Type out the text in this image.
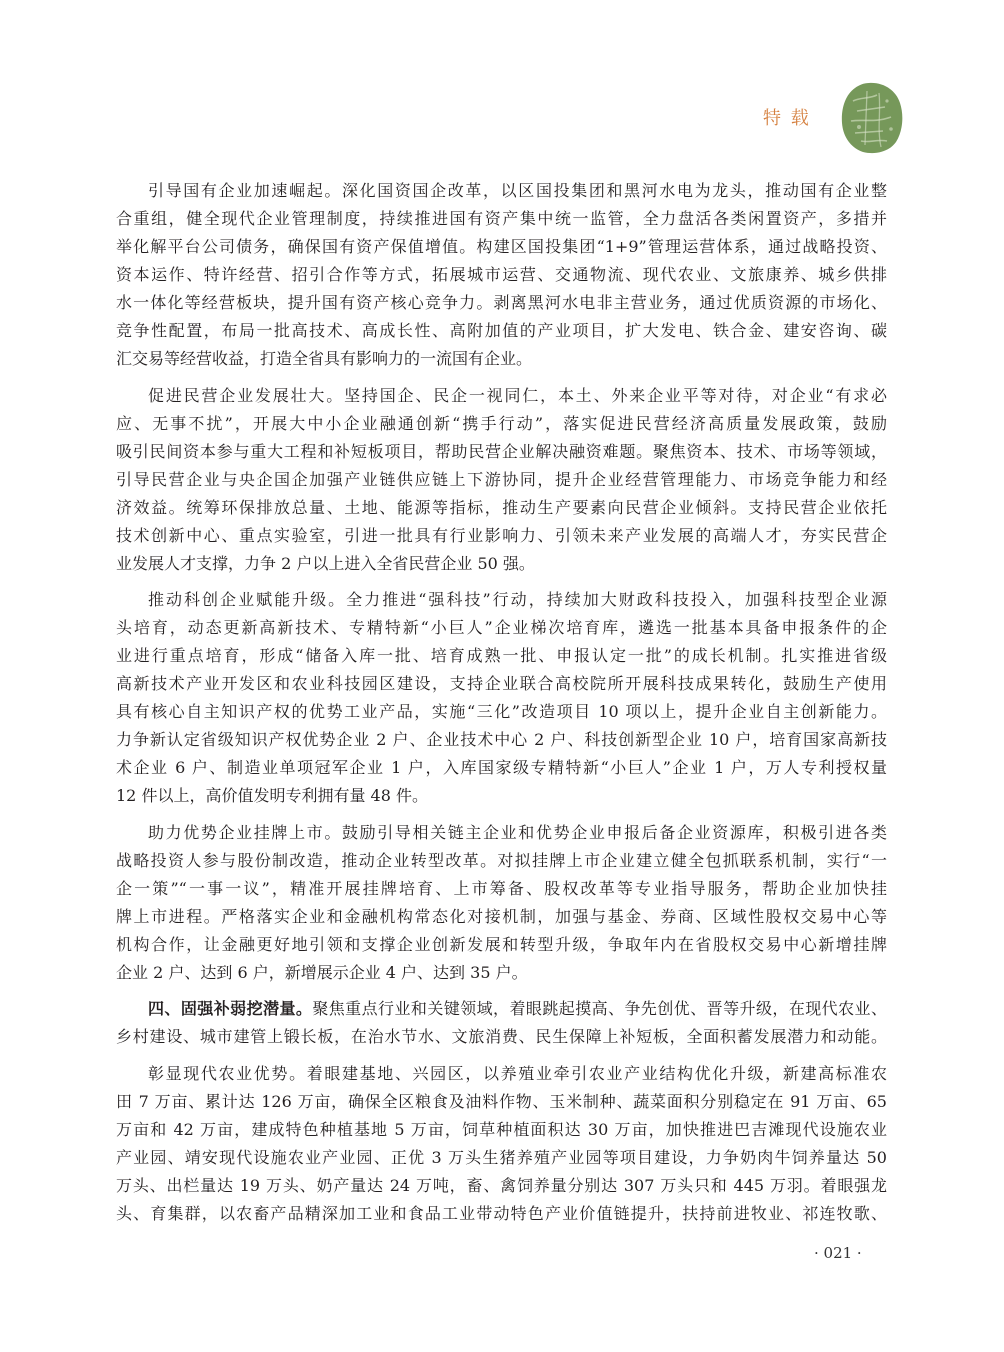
特 载
引导国有企业加速崛起。深化国资国企改革，以区国投集团和黑河水电为龙头，推动国有企业整
合重组，健全现代企业管理制度，持续推进国有资产集中统一监管，全力盘活各类闲置资产，多措并
举化解平台公司债务，确保国有资产保值增值。构建区国投集团“1+9”管理运营体系，通过战略投资、
资本运作、特许经营、招引合作等方式，拓展城市运营、交通物流、现代农业、文旅康养、城乡供排
水一体化等经营板块，提升国有资产核心竞争力。剥离黑河水电非主营业务，通过优质资源的市场化、
竞争性配置，布局一批高技术、高成长性、高附加值的产业项目，扩大发电、铁合金、建安咨询、碳
汇交易等经营收益，打造全省具有影响力的一流国有企业。
促进民营企业发展壮大。坚持国企、民企一视同仁，本土、外来企业平等对待，对企业“有求必
应、无事不扰”，开展大中小企业融通创新“携手行动”，落实促进民营经济高质量发展政策，鼓励
吸引民间资本参与重大工程和补短板项目，帮助民营企业解决融资难题。聚焦资本、技术、市场等领域，
引导民营企业与央企国企加强产业链供应链上下游协同，提升企业经营管理能力、市场竞争能力和经
济效益。统筹环保排放总量、土地、能源等指标，推动生产要素向民营企业倾斜。支持民营企业依托
技术创新中心、重点实验室，引进一批具有行业影响力、引领未来产业发展的高端人才，夯实民营企
业发展人才支撑，力争 2 户以上进入全省民营企业 50 强。
推动科创企业赋能升级。全力推进“强科技”行动，持续加大财政科技投入，加强科技型企业源
头培育，动态更新高新技术、专精特新“小巨人”企业梯次培育库，遴选一批基本具备申报条件的企
业进行重点培育，形成“储备入库一批、培育成熟一批、申报认定一批”的成长机制。扎实推进省级
高新技术产业开发区和农业科技园区建设，支持企业联合高校院所开展科技成果转化，鼓励生产使用
具有核心自主知识产权的优势工业产品，实施“三化”改造项目 10 项以上，提升企业自主创新能力。
力争新认定省级知识产权优势企业 2 户、企业技术中心 2 户、科技创新型企业 10 户，培育国家高新技
术企业 6 户、制造业单项冠军企业 1 户，入库国家级专精特新“小巨人”企业 1 户，万人专利授权量
12 件以上，高价值发明专利拥有量 48 件。
助力优势企业挂牌上市。鼓励引导相关链主企业和优势企业申报后备企业资源库，积极引进各类
战略投资人参与股份制改造，推动企业转型改革。对拟挂牌上市企业建立健全包抓联系机制，实行“一
企一策”“一事一议”，精准开展挂牌培育、上市筹备、股权改革等专业指导服务，帮助企业加快挂
牌上市进程。严格落实企业和金融机构常态化对接机制，加强与基金、券商、区域性股权交易中心等
机构合作，让金融更好地引领和支撑企业创新发展和转型升级，争取年内在省股权交易中心新增挂牌
企业 2 户、达到 6 户，新增展示企业 4 户、达到 35 户。
四、固强补弱挖潜量。聚焦重点行业和关键领域，着眼跳起摸高、争先创优、晋等升级，在现代农业、
乡村建设、城市建管上锻长板，在治水节水、文旅消费、民生保障上补短板，全面积蓄发展潜力和动能。
彰显现代农业优势。着眼建基地、兴园区，以养殖业牵引农业产业结构优化升级，新建高标准农
田 7 万亩、累计达 126 万亩，确保全区粮食及油料作物、玉米制种、蔬菜面积分别稳定在 91 万亩、65
万亩和 42 万亩，建成特色种植基地 5 万亩，饲草种植面积达 30 万亩，加快推进巴吉滩现代设施农业
产业园、靖安现代设施农业产业园、正优 3 万头生猪养殖产业园等项目建设，力争奶肉牛饲养量达 50
万头、出栏量达 19 万头、奶产量达 24 万吨，畜、禽饲养量分别达 307 万头只和 445 万羽。着眼强龙
头、育集群，以农畜产品精深加工业和食品工业带动特色产业价值链提升，扶持前进牧业、祁连牧歌、
· 021 ·
